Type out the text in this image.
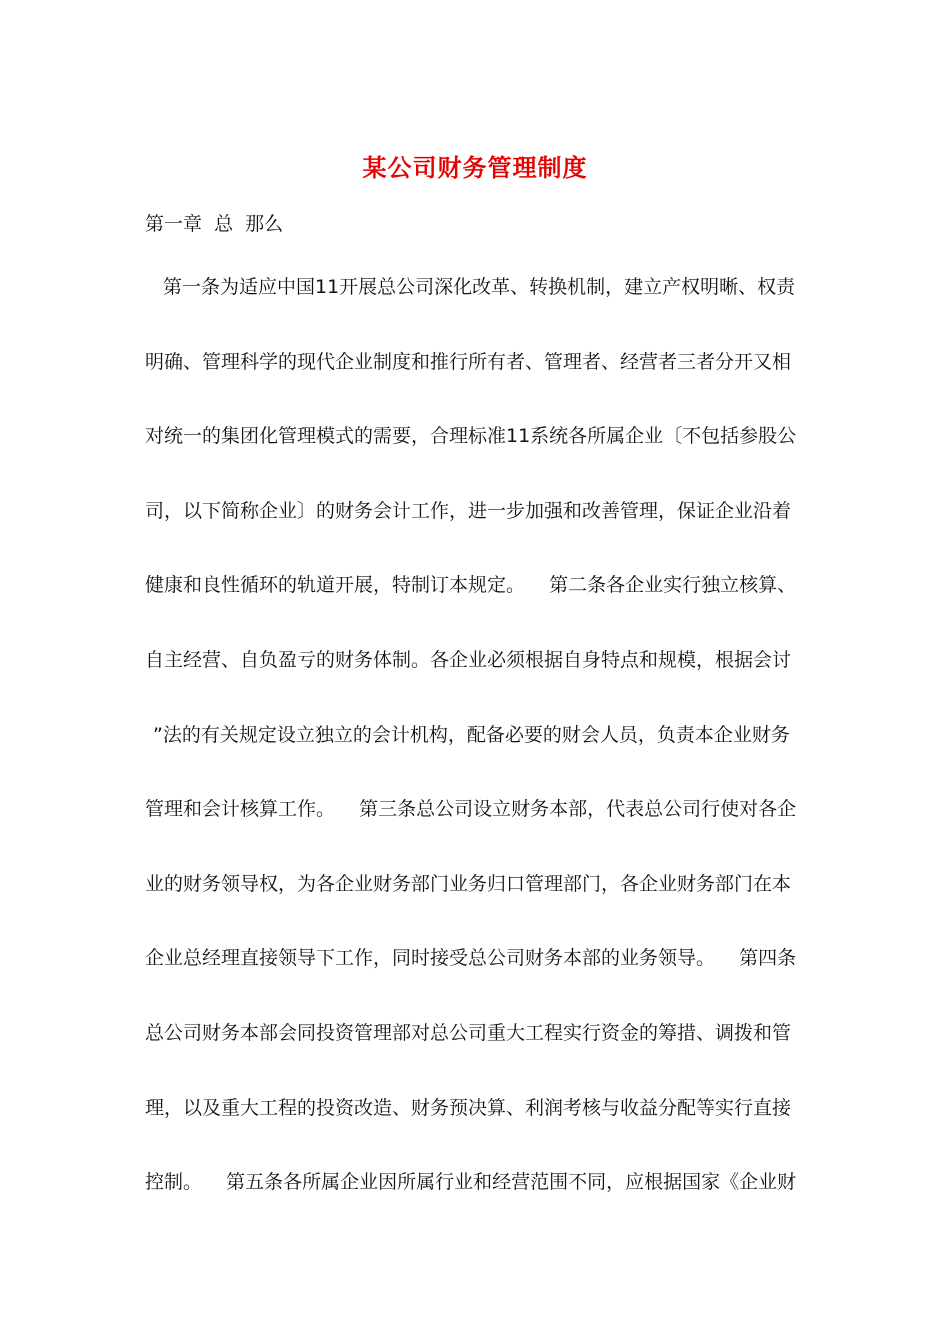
某公司财务管理制度
第一章  总  那么
第一条为适应中国11开展总公司深化改革、转换机制，建立产权明晰、权责
明确、管理科学的现代企业制度和推行所有者、管理者、经营者三者分开又相
对统一的集团化管理模式的需要，合理标准11系统各所属企业〔不包括参股公
司，以下简称企业〕的财务会计工作，进一步加强和改善管理，保证企业沿着
健康和良性循环的轨道开展，特制订本规定。    第二条各企业实行独立核算、
自主经营、自负盈亏的财务体制。各企业必须根据自身特点和规模，根据会讨
”法的有关规定设立独立的会计机构，配备必要的财会人员，负责本企业财务
管理和会计核算工作。    第三条总公司设立财务本部，代表总公司行使对各企
业的财务领导权，为各企业财务部门业务归口管理部门，各企业财务部门在本
企业总经理直接领导下工作，同时接受总公司财务本部的业务领导。    第四条
总公司财务本部会同投资管理部对总公司重大工程实行资金的筹措、调拨和管
理，以及重大工程的投资改造、财务预决算、利润考核与收益分配等实行直接
控制。    第五条各所属企业因所属行业和经营范围不同，应根据国家《企业财
